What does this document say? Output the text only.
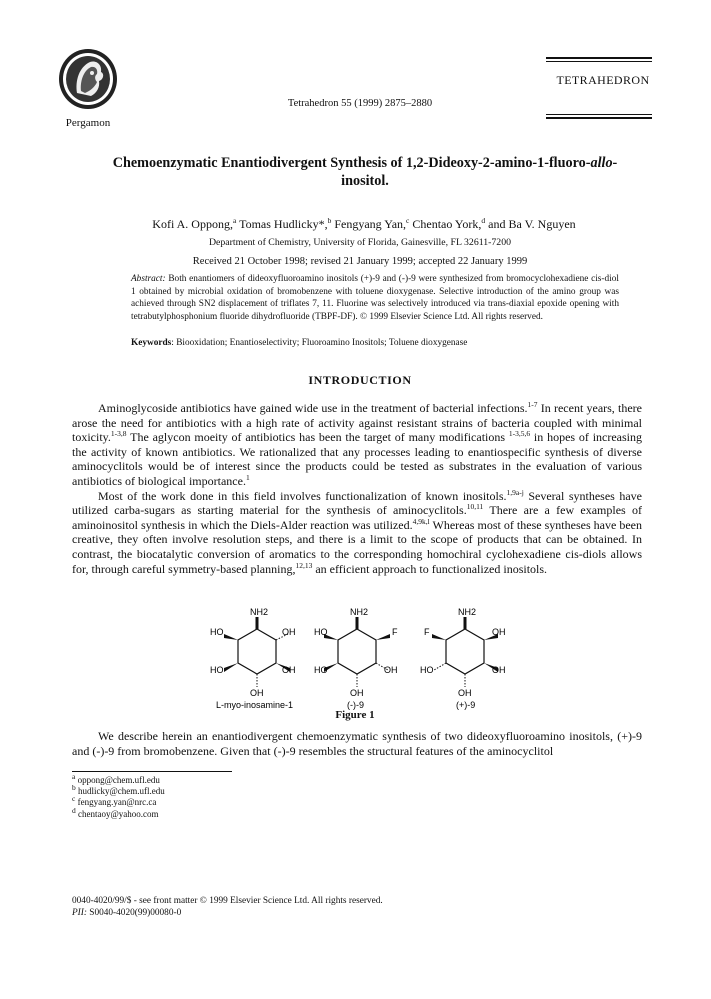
Pergamon
Tetrahedron 55 (1999) 2875–2880
TETRAHEDRON
Chemoenzymatic Enantiodivergent Synthesis of 1,2-Dideoxy-2-amino-1-fluoro-allo-
inositol.
Kofi A. Oppong,$^a$ Tomas Hudlicky*,$^b$ Fengyang Yan,$^c$ Chentao York,$^d$ and Ba V. Nguyen
Department of Chemistry, University of Florida, Gainesville, FL 32611-7200
Received 21 October 1998; revised 21 January 1999; accepted 22 January 1999
Abstract: Both enantiomers of dideoxyfluoroamino inositols (+)-9 and (-)-9 were synthesized from bromocyclohexadiene cis-diol 1 obtained by microbial oxidation of bromobenzene with toluene dioxygenase. Selective introduction of the amino group was achieved through SN2 displacement of triflates 7, 11. Fluorine was selectively introduced via trans-diaxial epoxide opening with tetrabutylphosphonium fluoride dihydrofluoride (TBPF-DF). © 1999 Elsevier Science Ltd. All rights reserved.
Keywords: Biooxidation; Enantioselectivity; Fluoroamino Inositols; Toluene dioxygenase
INTRODUCTION

Aminoglycoside antibiotics have gained wide use in the treatment of bacterial infections.$^{1-7}$ In recent years, there arose the need for antibiotics with a high rate of activity against resistant strains of bacteria coupled with minimal toxicity.$^{1-3,8}$ The aglycon moeity of antibiotics has been the target of many modifications $^{1-3,5,6}$ in hopes of increasing the activity of known antibiotics. We rationalized that any processes leading to enantiospecific synthesis of diverse aminocyclitols would be of interest since the products could be tested as substrates in the evaluation of various antibiotics of biological importance.$^1$

Most of the work done in this field involves functionalization of known inositols.$^{1,9a-j}$ Several syntheses have utilized carba-sugars as starting material for the synthesis of aminocyclitols.$^{10,11}$ There are a few examples of aminoinositol synthesis in which the Diels-Alder reaction was utilized.$^{4,9k,l}$ Whereas most of these syntheses have been creative, they often involve resolution steps, and there is a limit to the scope of products that can be obtained. In contrast, the biocatalytic conversion of aromatics to the corresponding homochiral cyclohexadiene cis-diols allows for, through careful symmetry-based planning,$^{12,13}$ an efficient approach to functionalized inositols.

NH2
HO	OH
HO	OH
OH
L-myo-inosamine-1
NH2
HO	F
HO	OH
OH
(-)-9
NH2
F	OH
HO	OH
OH
(+)-9
Figure 1

We describe herein an enantiodivergent chemoenzymatic synthesis of two dideoxyfluoroamino inositols, (+)-9 and (-)-9 from bromobenzene. Given that (-)-9 resembles the structural features of the aminocyclitol

$^a$ oppong@chem.ufl.edu
$^b$ hudlicky@chem.ufl.edu
$^c$ fengyang.yan@nrc.ca
$^d$ chentaoy@yahoo.com
0040-4020/99/$ - see front matter © 1999 Elsevier Science Ltd. All rights reserved.
PII: S0040-4020(99)00080-0
